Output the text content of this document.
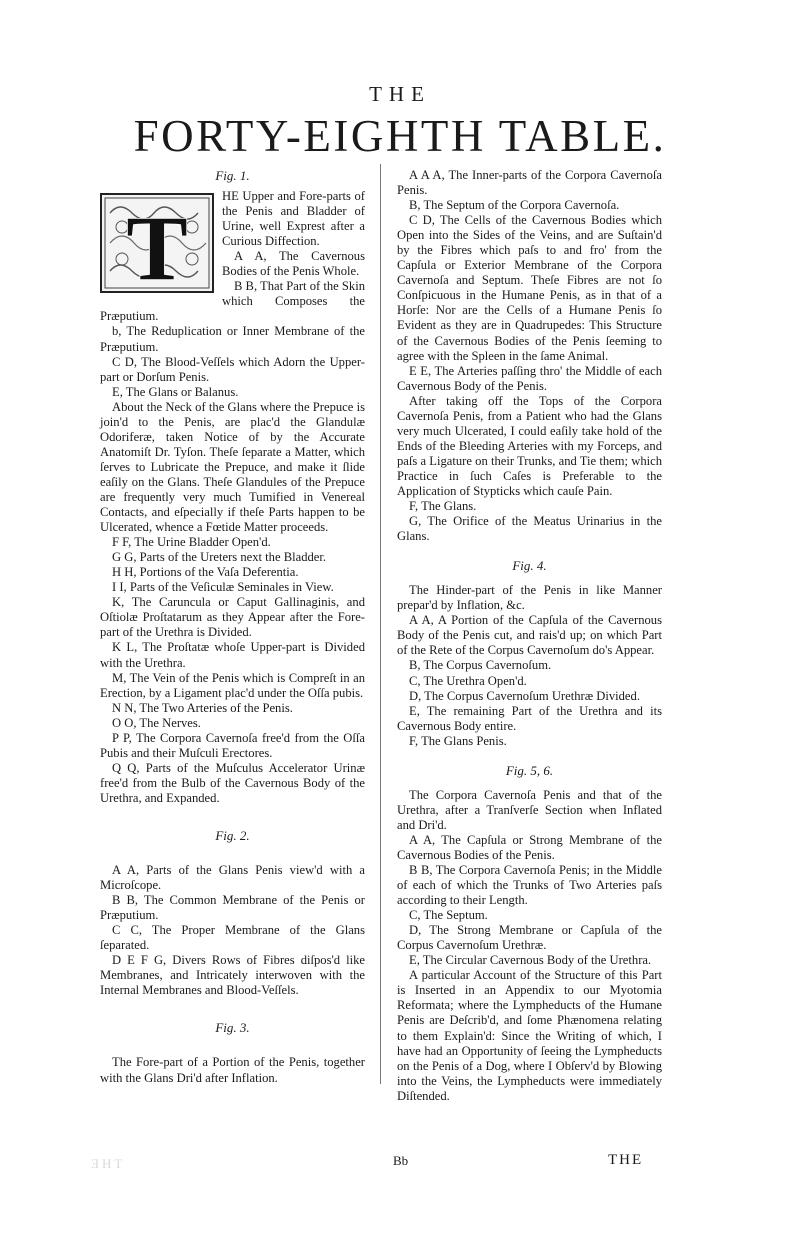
THE
FORTY-EIGHTH TABLE.
Fig. 1.
T

HE Upper and Fore-parts of the Penis and Bladder of Urine, well Exprest after a Curious Diffection.

A A, The Cavernous Bodies of the Penis Whole.

B B, That Part of the Skin which Composes the Præputium.

b, The Reduplication or Inner Membrane of the Præputium.

C D, The Blood-Veſſels which Adorn the Upper-part or Dorſum Penis.

E, The Glans or Balanus.

About the Neck of the Glans where the Prepuce is join'd to the Penis, are plac'd the Glandulæ Odoriferæ, taken Notice of by the Accurate Anatomiſt Dr. Tyſon. Theſe ſeparate a Matter, which ſerves to Lubricate the Prepuce, and make it ſlide eaſily on the Glans. Theſe Glandules of the Prepuce are frequently very much Tumified in Venereal Contacts, and eſpecially if theſe Parts happen to be Ulcerated, whence a Fœtide Matter proceeds.

F F, The Urine Bladder Open'd.

G G, Parts of the Ureters next the Bladder.

H H, Portions of the Vaſa Deferentia.

I I, Parts of the Veſiculæ Seminales in View.

K, The Caruncula or Caput Gallinaginis, and Oſtiolæ Proſtatarum as they Appear after the Fore-part of the Urethra is Divided.

K L, The Proſtatæ whoſe Upper-part is Divided with the Urethra.

M, The Vein of the Penis which is Compreſt in an Erection, by a Ligament plac'd under the Oſſa pubis.

N N, The Two Arteries of the Penis.

O O, The Nerves.

P P, The Corpora Cavernoſa free'd from the Oſſa Pubis and their Muſculi Erectores.

Q Q, Parts of the Muſculus Accelerator Urinæ free'd from the Bulb of the Cavernous Body of the Urethra, and Expanded.

Fig. 2.

A A, Parts of the Glans Penis view'd with a Microſcope.

B B, The Common Membrane of the Penis or Præputium.

C C, The Proper Membrane of the Glans ſeparated.

D E F G, Divers Rows of Fibres diſpos'd like Membranes, and Intricately interwoven with the Internal Membranes and Blood-Veſſels.

Fig. 3.

The Fore-part of a Portion of the Penis, together with the Glans Dri'd after Inflation.

A A A, The Inner-parts of the Corpora Cavernoſa Penis.

B, The Septum of the Corpora Cavernoſa.

C D, The Cells of the Cavernous Bodies which Open into the Sides of the Veins, and are Suſtain'd by the Fibres which paſs to and fro' from the Capſula or Exterior Membrane of the Corpora Cavernoſa and Septum. Theſe Fibres are not ſo Conſpicuous in the Humane Penis, as in that of a Horſe: Nor are the Cells of a Humane Penis ſo Evident as they are in Quadrupedes: This Structure of the Cavernous Bodies of the Penis ſeeming to agree with the Spleen in the ſame Animal.

E E, The Arteries paſſing thro' the Middle of each Cavernous Body of the Penis.

After taking off the Tops of the Corpora Cavernoſa Penis, from a Patient who had the Glans very much Ulcerated, I could eaſily take hold of the Ends of the Bleeding Arteries with my Forceps, and paſs a Ligature on their Trunks, and Tie them; which Practice in ſuch Caſes is Preferable to the Application of Stypticks which cauſe Pain.

F, The Glans.

G, The Orifice of the Meatus Urinarius in the Glans.

Fig. 4.

The Hinder-part of the Penis in like Manner prepar'd by Inflation, &c.

A A, A Portion of the Capſula of the Cavernous Body of the Penis cut, and rais'd up; on which Part of the Rete of the Corpus Cavernoſum do's Appear.

B, The Corpus Cavernoſum.

C, The Urethra Open'd.

D, The Corpus Cavernoſum Urethræ Divided.

E, The remaining Part of the Urethra and its Cavernous Body entire.

F, The Glans Penis.

Fig. 5, 6.

The Corpora Cavernoſa Penis and that of the Urethra, after a Tranſverſe Section when Inflated and Dri'd.

A A, The Capſula or Strong Membrane of the Cavernous Bodies of the Penis.

B B, The Corpora Cavernoſa Penis; in the Middle of each of which the Trunks of Two Arteries paſs according to their Length.

C, The Septum.

D, The Strong Membrane or Capſula of the Corpus Cavernoſum Urethræ.

E, The Circular Cavernous Body of the Urethra.

A particular Account of the Structure of this Part is Inserted in an Appendix to our Myotomia Reformata; where the Lympheducts of the Humane Penis are Deſcrib'd, and ſome Phænomena relating to them Explain'd: Since the Writing of which, I have had an Opportunity of ſeeing the Lympheducts on the Penis of a Dog, where I Obſerv'd by Blowing into the Veins, the Lympheducts were immediately Diſtended.

THE	Bb	THE
